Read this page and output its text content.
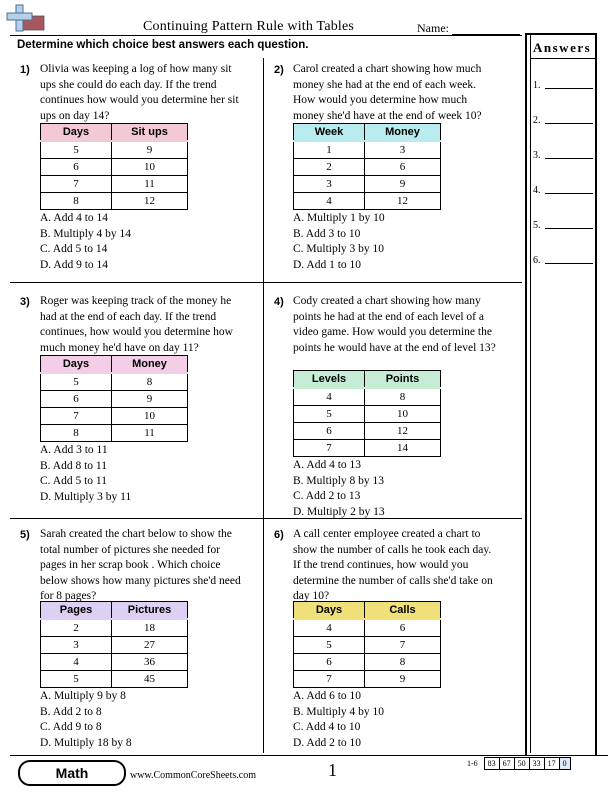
Continuing Pattern Rule with Tables	Name:
Determine which choice best answers each question.	Answers
1.
2.
3.
4.
5.
6.
1) Olivia was keeping a log of how many sit ups she could do each day. If the trend continues how would you determine her sit ups on day 14?
Days	Sit ups
5	9
6	10
7	11
8	12
A. Add 4 to 14
B. Multiply 4 by 14
C. Add 5 to 14
D. Add 9 to 14
2) Carol created a chart showing how much money she had at the end of each week. How would you determine how much money she'd have at the end of week 10?
Week	Money
1	3
2	6
3	9
4	12
A. Multiply 1 by 10
B. Add 3 to 10
C. Multiply 3 by 10
D. Add 1 to 10
3) Roger was keeping track of the money he had at the end of each day. If the trend continues, how would you determine how much money he'd have on day 11?
Days	Money
5	8
6	9
7	10
8	11
A. Add 3 to 11
B. Add 8 to 11
C. Add 5 to 11
D. Multiply 3 by 11
4) Cody created a chart showing how many points he had at the end of each level of a video game. How would you determine the points he would have at the end of level 13?
Levels	Points
4	8
5	10
6	12
7	14
A. Add 4 to 13
B. Multiply 8 by 13
C. Add 2 to 13
D. Multiply 2 by 13
5) Sarah created the chart below to show the total number of pictures she needed for pages in her scrap book . Which choice below shows how many pictures she'd need for 8 pages?
Pages	Pictures
2	18
3	27
4	36
5	45
A. Multiply 9 by 8
B. Add 2 to 8
C. Add 9 to 8
D. Multiply 18 by 8
6) A call center employee created a chart to show the number of calls he took each day. If the trend continues, how would you determine the number of calls she'd take on day 10?
Days	Calls
4	6
5	7
6	8
7	9
A. Add 6 to 10
B. Multiply 4 by 10
C. Add 4 to 10
D. Add 2 to 10
Math	www.CommonCoreSheets.com	1	1-6	83	67	50	33	17	0
